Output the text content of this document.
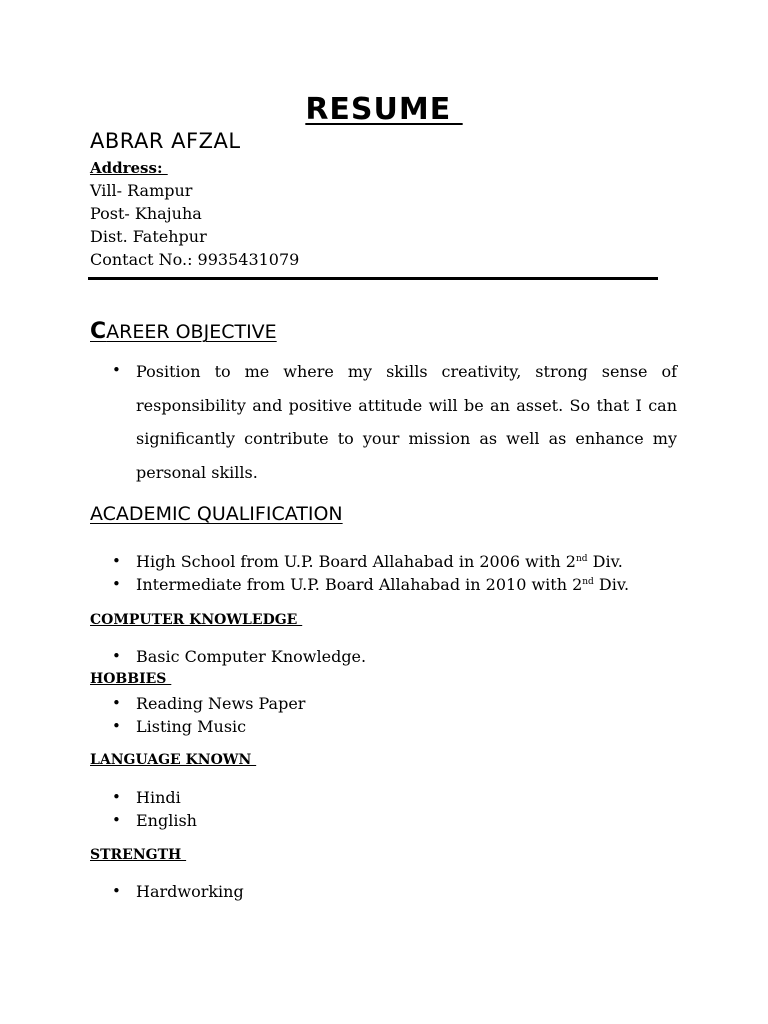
RESUME
ABRAR AFZAL
Address:
Vill- Rampur
Post- Khajuha
Dist. Fatehpur
Contact No.: 9935431079
CAREER OBJECTIVE
• Position to me where my skills creativity, strong sense of responsibility and positive attitude will be an asset. So that I can significantly contribute to your mission as well as enhance my personal skills.
ACADEMIC QUALIFICATION
• High School from U.P. Board Allahabad in 2006 with 2nd Div.
• Intermediate from U.P. Board Allahabad in 2010 with 2nd Div.
COMPUTER KNOWLEDGE
• Basic Computer Knowledge.
HOBBIES
• Reading News Paper
• Listing Music
LANGUAGE KNOWN
• Hindi
• English
STRENGTH
• Hardworking
